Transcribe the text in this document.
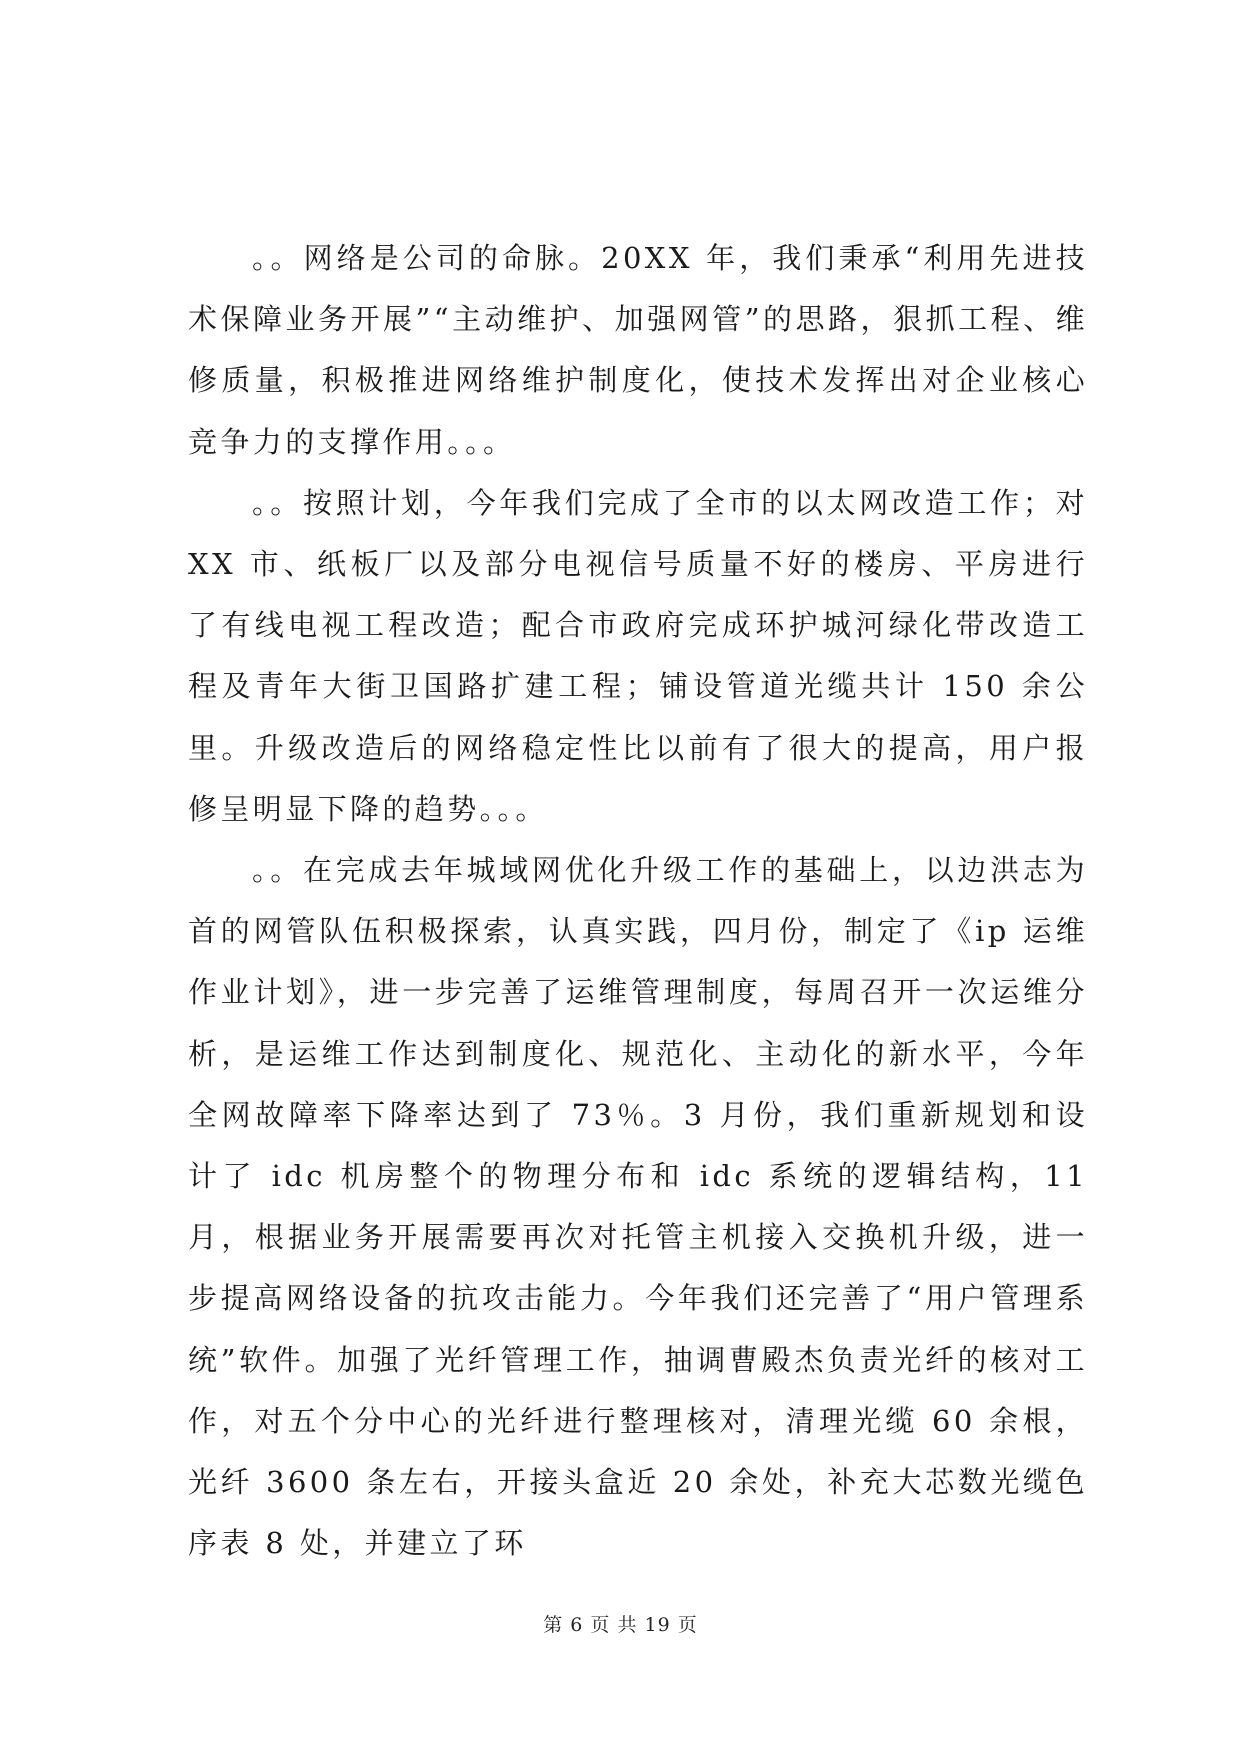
。。网络是公司的命脉。20XX 年，我们秉承“利用先进技术保障业务开展”“主动维护、加强网管”的思路，狠抓工程、维修质量，积极推进网络维护制度化，使技术发挥出对企业核心竞争力的支撑作用。。。

。。按照计划，今年我们完成了全市的以太网改造工作；对 XX 市、纸板厂以及部分电视信号质量不好的楼房、平房进行了有线电视工程改造；配合市政府完成环护城河绿化带改造工程及青年大街卫国路扩建工程；铺设管道光缆共计 150 余公里。升级改造后的网络稳定性比以前有了很大的提高，用户报修呈明显下降的趋势。。。

。。在完成去年城域网优化升级工作的基础上，以边洪志为首的网管队伍积极探索，认真实践，四月份，制定了《ip 运维作业计划》，进一步完善了运维管理制度，每周召开一次运维分析，是运维工作达到制度化、规范化、主动化的新水平，今年全网故障率下降率达到了 73％。3 月份，我们重新规划和设计了 idc 机房整个的物理分布和 idc 系统的逻辑结构，11 月，根据业务开展需要再次对托管主机接入交换机升级，进一步提高网络设备的抗攻击能力。今年我们还完善了“用户管理系统”软件。加强了光纤管理工作，抽调曹殿杰负责光纤的核对工作，对五个分中心的光纤进行整理核对，清理光缆 60 余根，光纤 3600 条左右，开接头盒近 20 余处，补充大芯数光缆色序表 8 处，并建立了环

第 6 页 共 19 页
